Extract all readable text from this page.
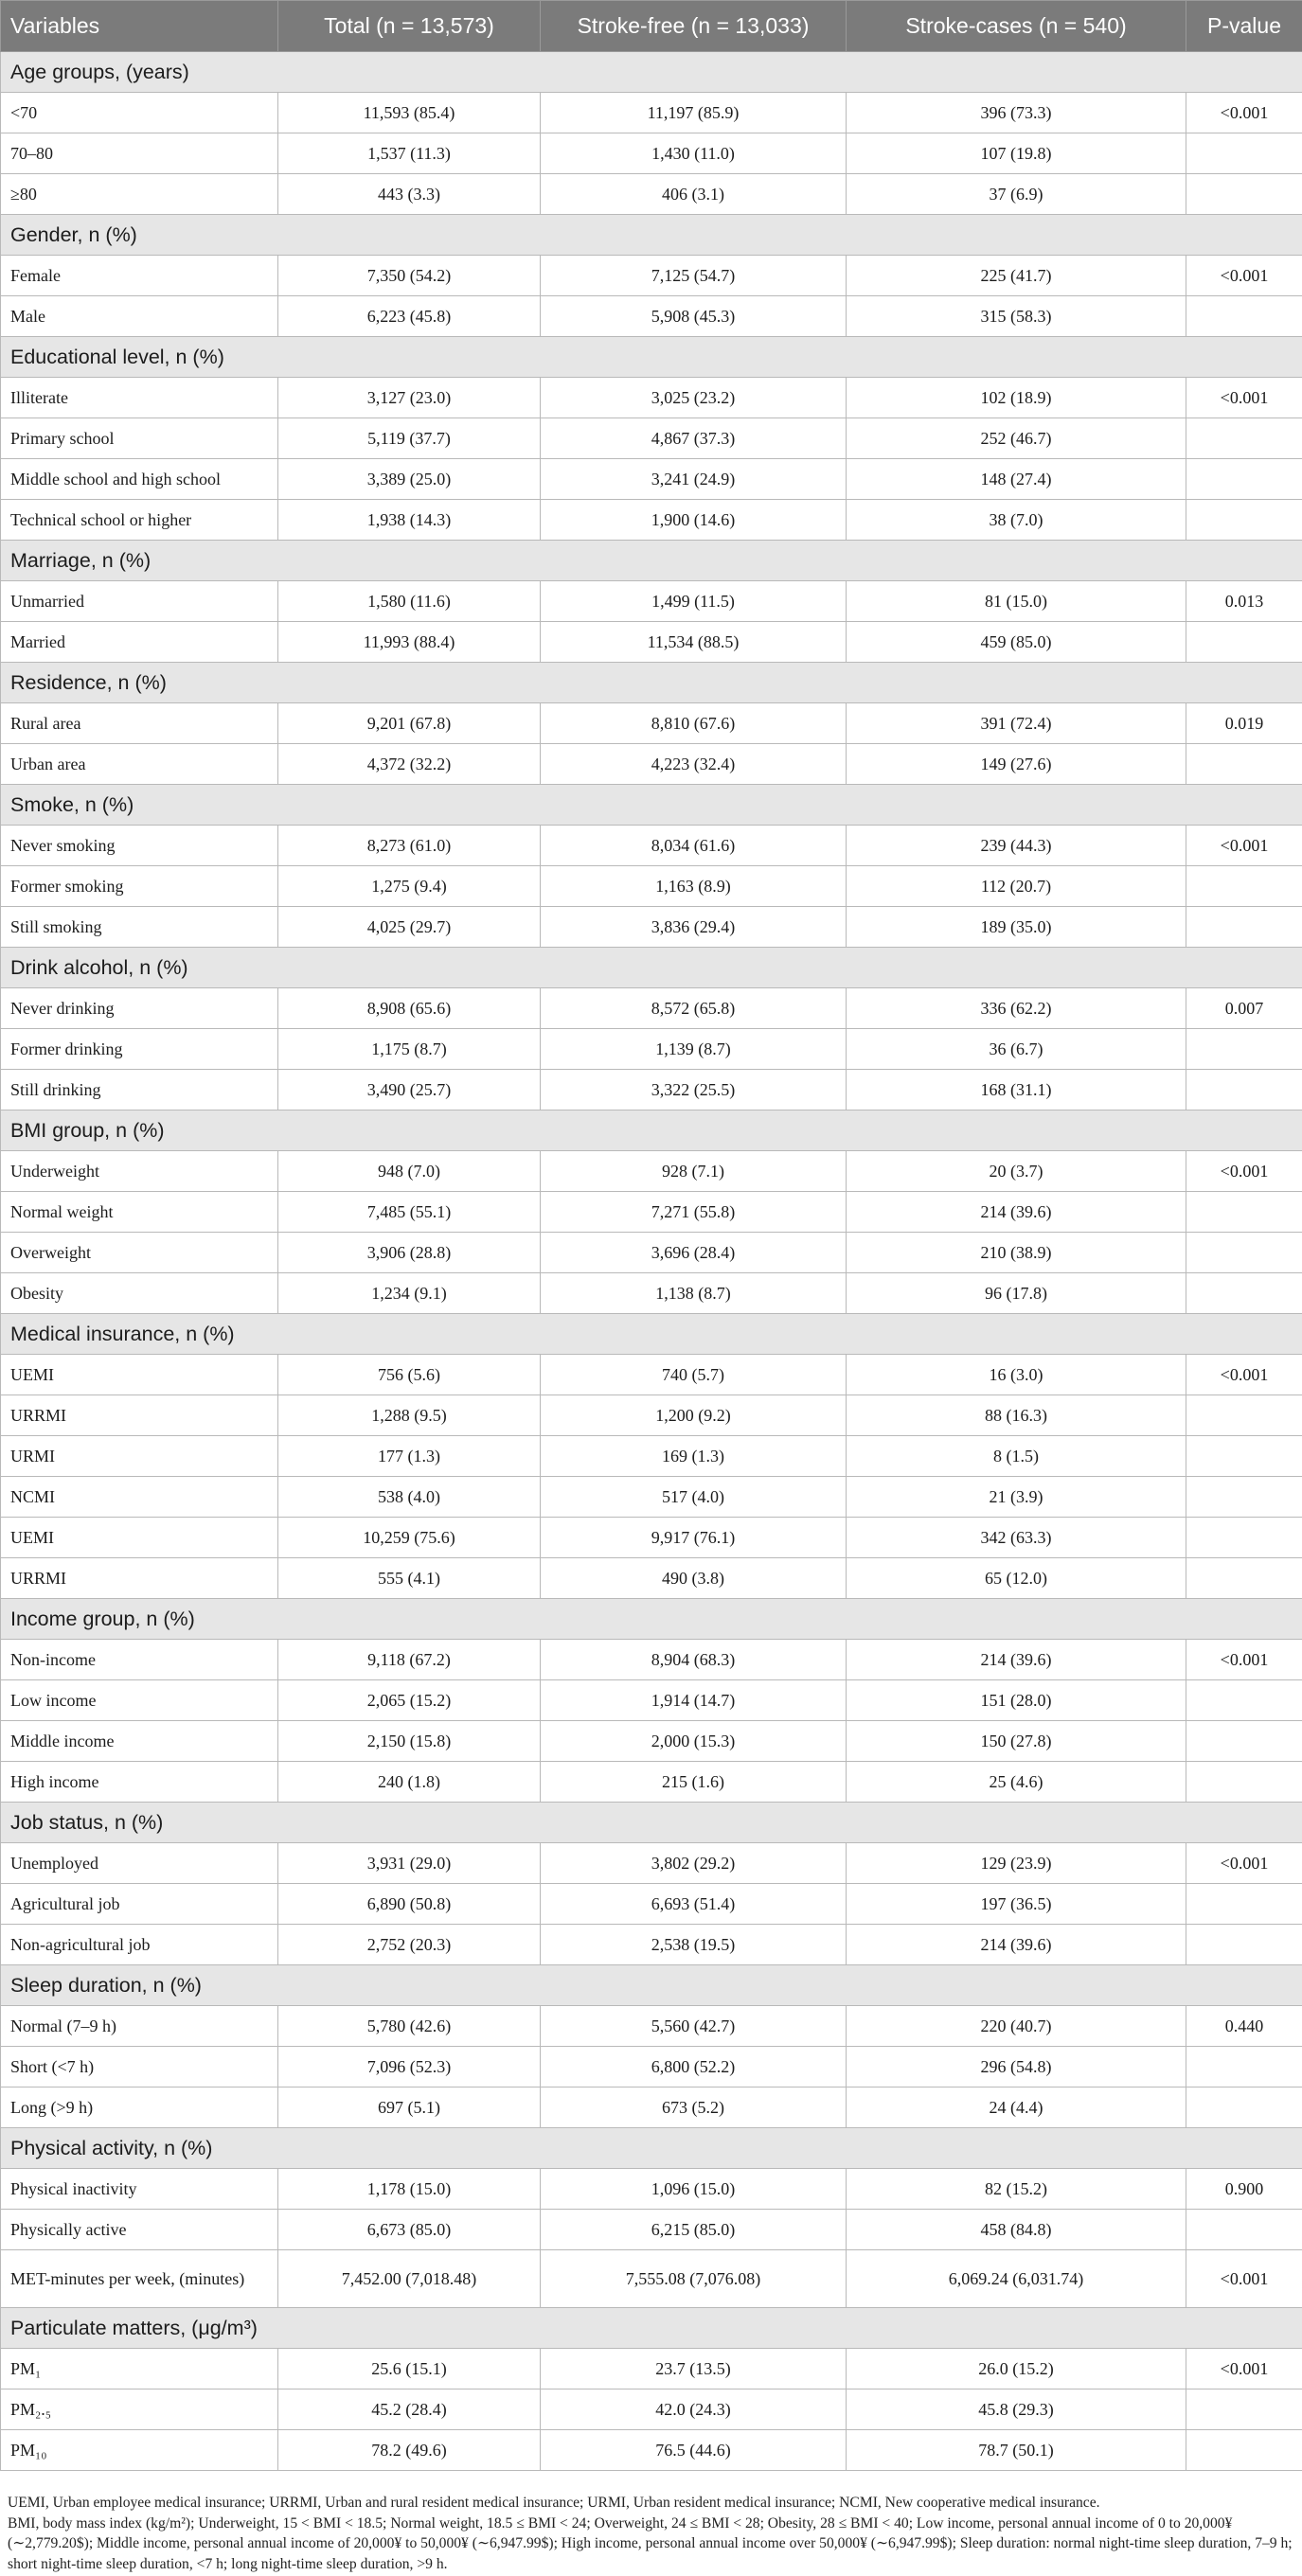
Variables	Total (n = 13,573)	Stroke-free (n = 13,033)	Stroke-cases (n = 540)	P-value
Age groups, (years)				
<70	11,593 (85.4)	11,197 (85.9)	396 (73.3)	<0.001
70–80	1,537 (11.3)	1,430 (11.0)	107 (19.8)	
≥80	443 (3.3)	406 (3.1)	37 (6.9)	
Gender, n (%)				
Female	7,350 (54.2)	7,125 (54.7)	225 (41.7)	<0.001
Male	6,223 (45.8)	5,908 (45.3)	315 (58.3)	
Educational level, n (%)				
Illiterate	3,127 (23.0)	3,025 (23.2)	102 (18.9)	<0.001
Primary school	5,119 (37.7)	4,867 (37.3)	252 (46.7)	
Middle school and high school	3,389 (25.0)	3,241 (24.9)	148 (27.4)	
Technical school or higher	1,938 (14.3)	1,900 (14.6)	38 (7.0)	
Marriage, n (%)				
Unmarried	1,580 (11.6)	1,499 (11.5)	81 (15.0)	0.013
Married	11,993 (88.4)	11,534 (88.5)	459 (85.0)	
Residence, n (%)				
Rural area	9,201 (67.8)	8,810 (67.6)	391 (72.4)	0.019
Urban area	4,372 (32.2)	4,223 (32.4)	149 (27.6)	
Smoke, n (%)				
Never smoking	8,273 (61.0)	8,034 (61.6)	239 (44.3)	<0.001
Former smoking	1,275 (9.4)	1,163 (8.9)	112 (20.7)	
Still smoking	4,025 (29.7)	3,836 (29.4)	189 (35.0)	
Drink alcohol, n (%)				
Never drinking	8,908 (65.6)	8,572 (65.8)	336 (62.2)	0.007
Former drinking	1,175 (8.7)	1,139 (8.7)	36 (6.7)	
Still drinking	3,490 (25.7)	3,322 (25.5)	168 (31.1)	
BMI group, n (%)				
Underweight	948 (7.0)	928 (7.1)	20 (3.7)	<0.001
Normal weight	7,485 (55.1)	7,271 (55.8)	214 (39.6)	
Overweight	3,906 (28.8)	3,696 (28.4)	210 (38.9)	
Obesity	1,234 (9.1)	1,138 (8.7)	96 (17.8)	
Medical insurance, n (%)				
UEMI	756 (5.6)	740 (5.7)	16 (3.0)	<0.001
URRMI	1,288 (9.5)	1,200 (9.2)	88 (16.3)	
URMI	177 (1.3)	169 (1.3)	8 (1.5)	
NCMI	538 (4.0)	517 (4.0)	21 (3.9)	
UEMI	10,259 (75.6)	9,917 (76.1)	342 (63.3)	
URRMI	555 (4.1)	490 (3.8)	65 (12.0)	
Income group, n (%)				
Non-income	9,118 (67.2)	8,904 (68.3)	214 (39.6)	<0.001
Low income	2,065 (15.2)	1,914 (14.7)	151 (28.0)	
Middle income	2,150 (15.8)	2,000 (15.3)	150 (27.8)	
High income	240 (1.8)	215 (1.6)	25 (4.6)	
Job status, n (%)				
Unemployed	3,931 (29.0)	3,802 (29.2)	129 (23.9)	<0.001
Agricultural job	6,890 (50.8)	6,693 (51.4)	197 (36.5)	
Non-agricultural job	2,752 (20.3)	2,538 (19.5)	214 (39.6)	
Sleep duration, n (%)				
Normal (7–9 h)	5,780 (42.6)	5,560 (42.7)	220 (40.7)	0.440
Short (<7 h)	7,096 (52.3)	6,800 (52.2)	296 (54.8)	
Long (>9 h)	697 (5.1)	673 (5.2)	24 (4.4)	
Physical activity, n (%)				
Physical inactivity	1,178 (15.0)	1,096 (15.0)	82 (15.2)	0.900
Physically active	6,673 (85.0)	6,215 (85.0)	458 (84.8)	
MET-minutes per week, (minutes)	7,452.00 (7,018.48)	7,555.08 (7,076.08)	6,069.24 (6,031.74)	<0.001
Particulate matters, (μg/m³)				
PM₁	25.6 (15.1)	23.7 (13.5)	26.0 (15.2)	<0.001
PM₂.₅	45.2 (28.4)	42.0 (24.3)	45.8 (29.3)	
PM₁₀	78.2 (49.6)	76.5 (44.6)	78.7 (50.1)	

UEMI, Urban employee medical insurance; URRMI, Urban and rural resident medical insurance; URMI, Urban resident medical insurance; NCMI, New cooperative medical insurance.

BMI, body mass index (kg/m²); Underweight, 15 < BMI < 18.5; Normal weight, 18.5 ≤ BMI < 24; Overweight, 24 ≤ BMI < 28; Obesity, 28 ≤ BMI < 40; Low income, personal annual income of 0 to 20,000¥ (∼2,779.20$); Middle income, personal annual income of 20,000¥ to 50,000¥ (∼6,947.99$); High income, personal annual income over 50,000¥ (∼6,947.99$); Sleep duration: normal night-time sleep duration, 7–9 h; short night-time sleep duration, <7 h; long night-time sleep duration, >9 h.
